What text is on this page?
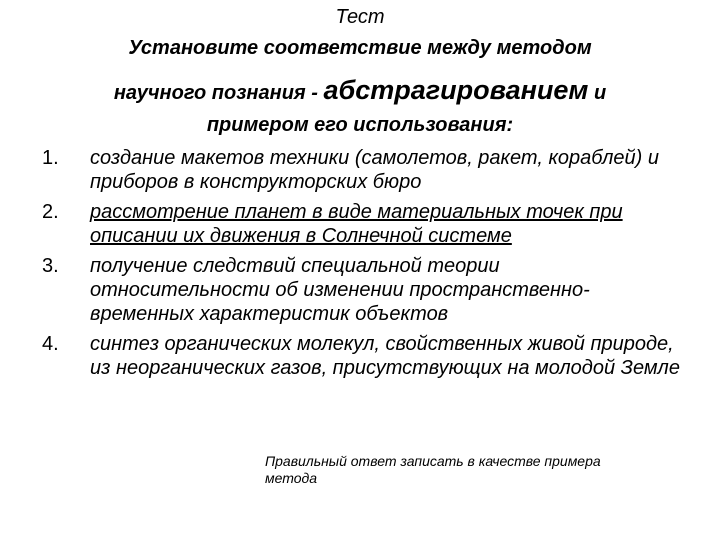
Тест
Установите соответствие между методом
научного познания - абстрагированием и
примером его использования:
1. создание макетов техники (самолетов, ракет, кораблей) и приборов в конструкторских бюро
2. рассмотрение планет в виде материальных точек при описании их движения в Солнечной системе
3. получение следствий специальной теории относительности об изменении пространственно-временных характеристик объектов
4. синтез органических молекул, свойственных живой природе, из неорганических газов, присутствующих на молодой Земле
Правильный ответ записать в качестве примера метода
